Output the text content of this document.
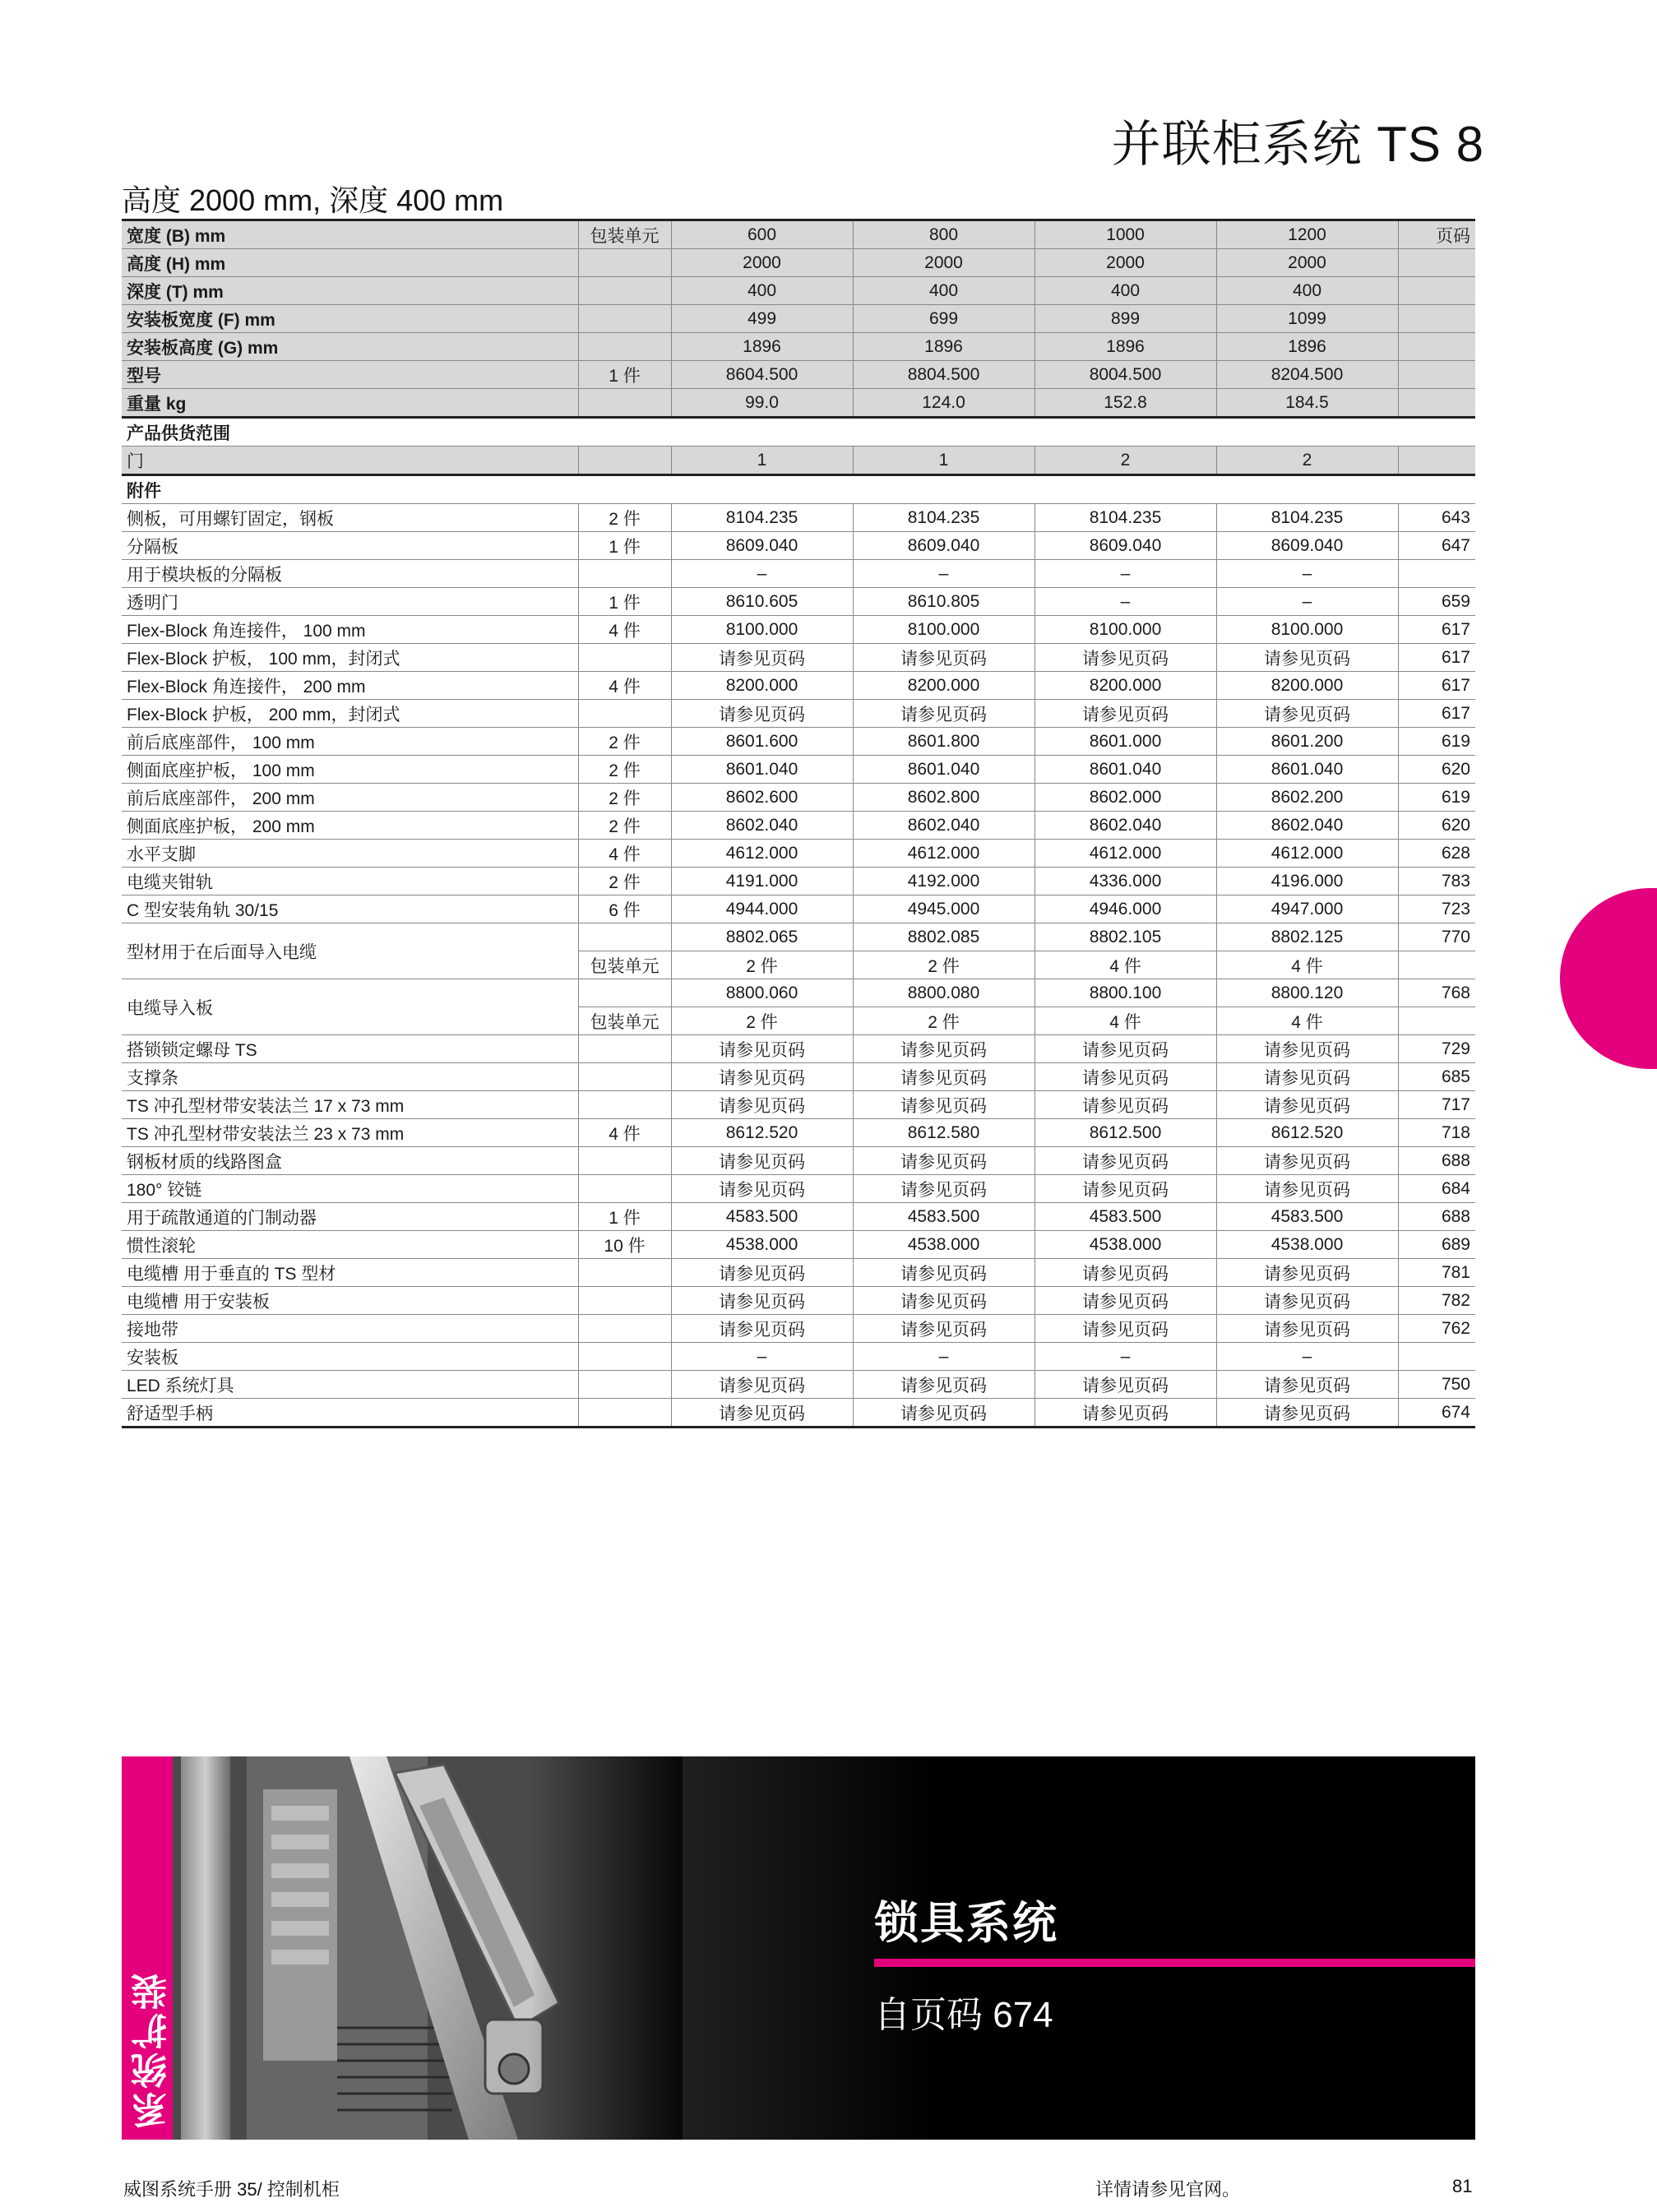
并联柜系统 TS 8
高度 2000 mm, 深度 400 mm
宽度 (B) mm	包装单元	600	800	1000	1200	页码
高度 (H) mm		2000	2000	2000	2000	
深度 (T) mm		400	400	400	400	
安装板宽度 (F) mm		499	699	899	1099	
安装板高度 (G) mm		1896	1896	1896	1896	
型号	1 件	8604.500	8804.500	8004.500	8204.500	
重量 kg		99.0	124.0	152.8	184.5	
产品供货范围						
门		1	1	2	2	
附件						
侧板，可用螺钉固定，钢板	2 件	8104.235	8104.235	8104.235	8104.235	643
分隔板	1 件	8609.040	8609.040	8609.040	8609.040	647
用于模块板的分隔板		–	–	–	–	
透明门	1 件	8610.605	8610.805	–	–	659
Flex-Block 角连接件， 100 mm	4 件	8100.000	8100.000	8100.000	8100.000	617
Flex-Block 护板， 100 mm，封闭式		请参见页码	请参见页码	请参见页码	请参见页码	617
Flex-Block 角连接件， 200 mm	4 件	8200.000	8200.000	8200.000	8200.000	617
Flex-Block 护板， 200 mm，封闭式		请参见页码	请参见页码	请参见页码	请参见页码	617
前后底座部件， 100 mm	2 件	8601.600	8601.800	8601.000	8601.200	619
侧面底座护板， 100 mm	2 件	8601.040	8601.040	8601.040	8601.040	620
前后底座部件， 200 mm	2 件	8602.600	8602.800	8602.000	8602.200	619
侧面底座护板， 200 mm	2 件	8602.040	8602.040	8602.040	8602.040	620
水平支脚	4 件	4612.000	4612.000	4612.000	4612.000	628
电缆夹钳轨	2 件	4191.000	4192.000	4336.000	4196.000	783
C 型安装角轨 30/15	6 件	4944.000	4945.000	4946.000	4947.000	723
型材用于在后面导入电缆		8802.065	8802.085	8802.105	8802.125	770
	包装单元	2 件	2 件	4 件	4 件	
电缆导入板		8800.060	8800.080	8800.100	8800.120	768
	包装单元	2 件	2 件	4 件	4 件	
搭锁锁定螺母 TS		请参见页码	请参见页码	请参见页码	请参见页码	729
支撑条		请参见页码	请参见页码	请参见页码	请参见页码	685
TS 冲孔型材带安装法兰 17 x 73 mm		请参见页码	请参见页码	请参见页码	请参见页码	717
TS 冲孔型材带安装法兰 23 x 73 mm	4 件	8612.520	8612.580	8612.500	8612.520	718
钢板材质的线路图盒		请参见页码	请参见页码	请参见页码	请参见页码	688
180° 铰链		请参见页码	请参见页码	请参见页码	请参见页码	684
用于疏散通道的门制动器	1 件	4583.500	4583.500	4583.500	4583.500	688
惯性滚轮	10 件	4538.000	4538.000	4538.000	4538.000	689
电缆槽 用于垂直的 TS 型材		请参见页码	请参见页码	请参见页码	请参见页码	781
电缆槽 用于安装板		请参见页码	请参见页码	请参见页码	请参见页码	782
接地带		请参见页码	请参见页码	请参见页码	请参见页码	762
安装板		–	–	–	–	
LED 系统灯具		请参见页码	请参见页码	请参见页码	请参见页码	750
舒适型手柄		请参见页码	请参见页码	请参见页码	请参见页码	674
系统扩装
锁具系统
自页码 674
威图系统手册 35/ 控制机柜	详情请参见官网。	81
